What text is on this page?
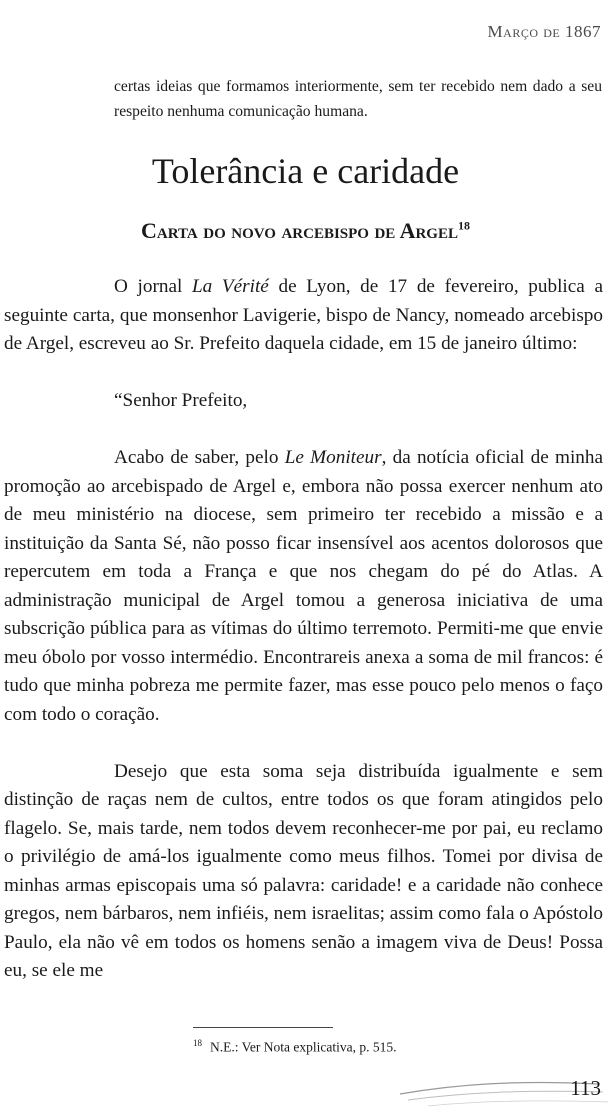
Março de 1867
certas ideias que formamos interiormente, sem ter recebido nem dado a seu respeito nenhuma comunicação humana.
Tolerância e caridade
Carta do novo arcebispo de Argel$^{18}$

O jornal La Vérité de Lyon, de 17 de fevereiro, publica a seguinte carta, que monsenhor Lavigerie, bispo de Nancy, nomeado arcebispo de Argel, escreveu ao Sr. Prefeito daquela cidade, em 15 de janeiro último:

“Senhor Prefeito,

Acabo de saber, pelo Le Moniteur, da notícia oficial de minha promoção ao arcebispado de Argel e, embora não possa exercer nenhum ato de meu ministério na diocese, sem primeiro ter recebido a missão e a instituição da Santa Sé, não posso ficar insensível aos acentos dolorosos que repercutem em toda a França e que nos chegam do pé do Atlas. A administração municipal de Argel tomou a generosa iniciativa de uma subscrição pública para as vítimas do último terremoto. Permiti-me que envie meu óbolo por vosso intermédio. Encontrareis anexa a soma de mil francos: é tudo que minha pobreza me permite fazer, mas esse pouco pelo menos o faço com todo o coração.

Desejo que esta soma seja distribuída igualmente e sem distinção de raças nem de cultos, entre todos os que foram atingidos pelo flagelo. Se, mais tarde, nem todos devem reconhecer-me por pai, eu reclamo o privilégio de amá-los igualmente como meus filhos. Tomei por divisa de minhas armas episcopais uma só palavra: caridade! e a caridade não conhece gregos, nem bárbaros, nem infiéis, nem israelitas; assim como fala o Apóstolo Paulo, ela não vê em todos os homens senão a imagem viva de Deus! Possa eu, se ele me

$^{18}$ N.E.: Ver Nota explicativa, p. 515.
113
